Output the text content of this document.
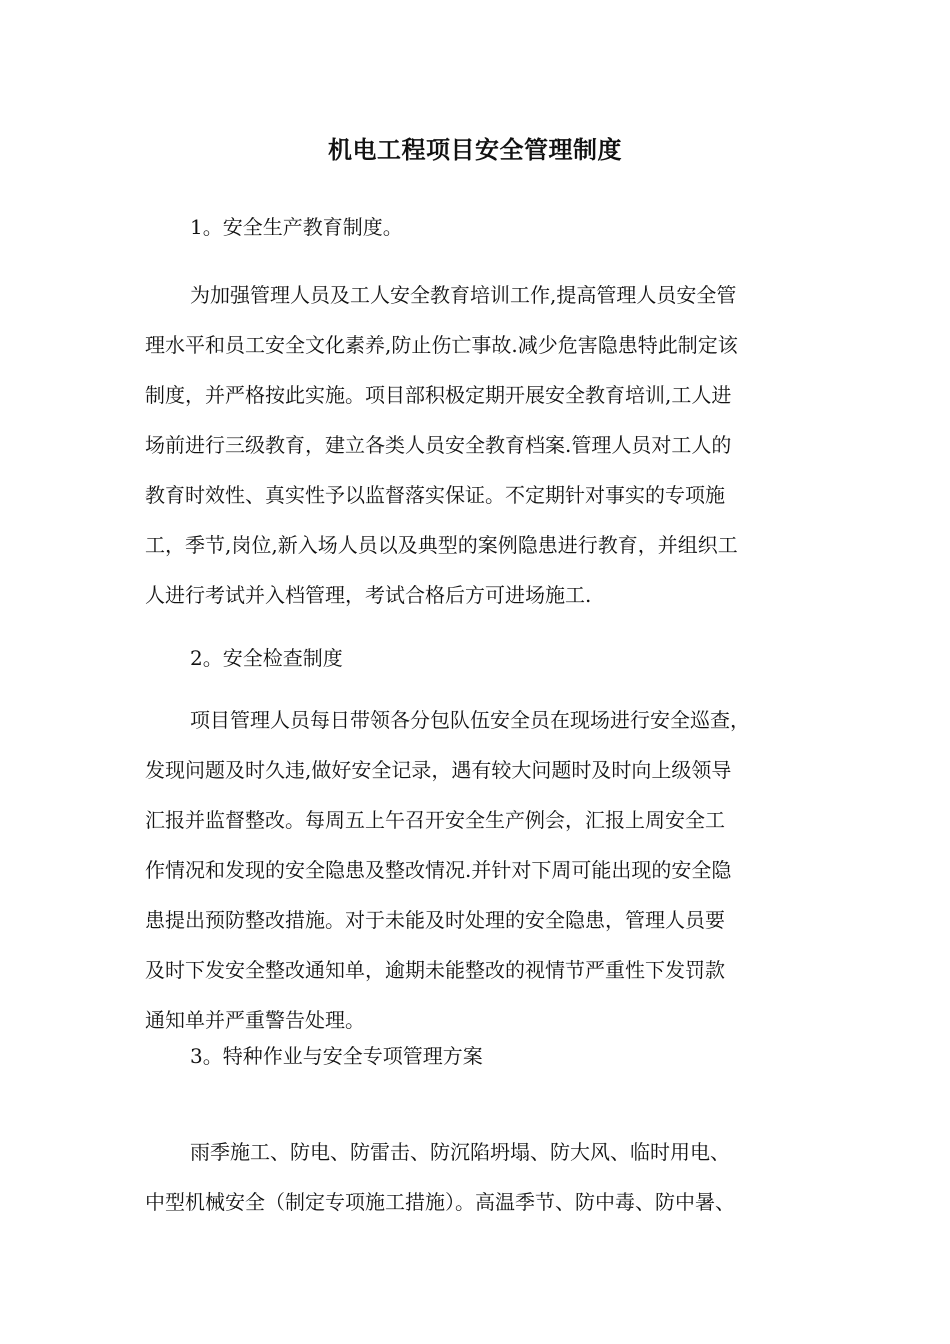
机电工程项目安全管理制度

1。安全生产教育制度。

为加强管理人员及工人安全教育培训工作,提高管理人员安全管
理水平和员工安全文化素养,防止伤亡事故.减少危害隐患特此制定该
制度，并严格按此实施。项目部积极定期开展安全教育培训,工人进
场前进行三级教育，建立各类人员安全教育档案.管理人员对工人的
教育时效性、真实性予以监督落实保证。不定期针对事实的专项施
工，季节,岗位,新入场人员以及典型的案例隐患进行教育，并组织工
人进行考试并入档管理，考试合格后方可进场施工.

2。安全检查制度

项目管理人员每日带领各分包队伍安全员在现场进行安全巡查，
发现问题及时久违,做好安全记录，遇有较大问题时及时向上级领导
汇报并监督整改。每周五上午召开安全生产例会，汇报上周安全工
作情况和发现的安全隐患及整改情况.并针对下周可能出现的安全隐
患提出预防整改措施。对于未能及时处理的安全隐患，管理人员要
及时下发安全整改通知单，逾期未能整改的视情节严重性下发罚款
通知单并严重警告处理。

3。特种作业与安全专项管理方案

雨季施工、防电、防雷击、防沉陷坍塌、防大风、临时用电、
中型机械安全（制定专项施工措施）。高温季节、防中毒、防中暑、
